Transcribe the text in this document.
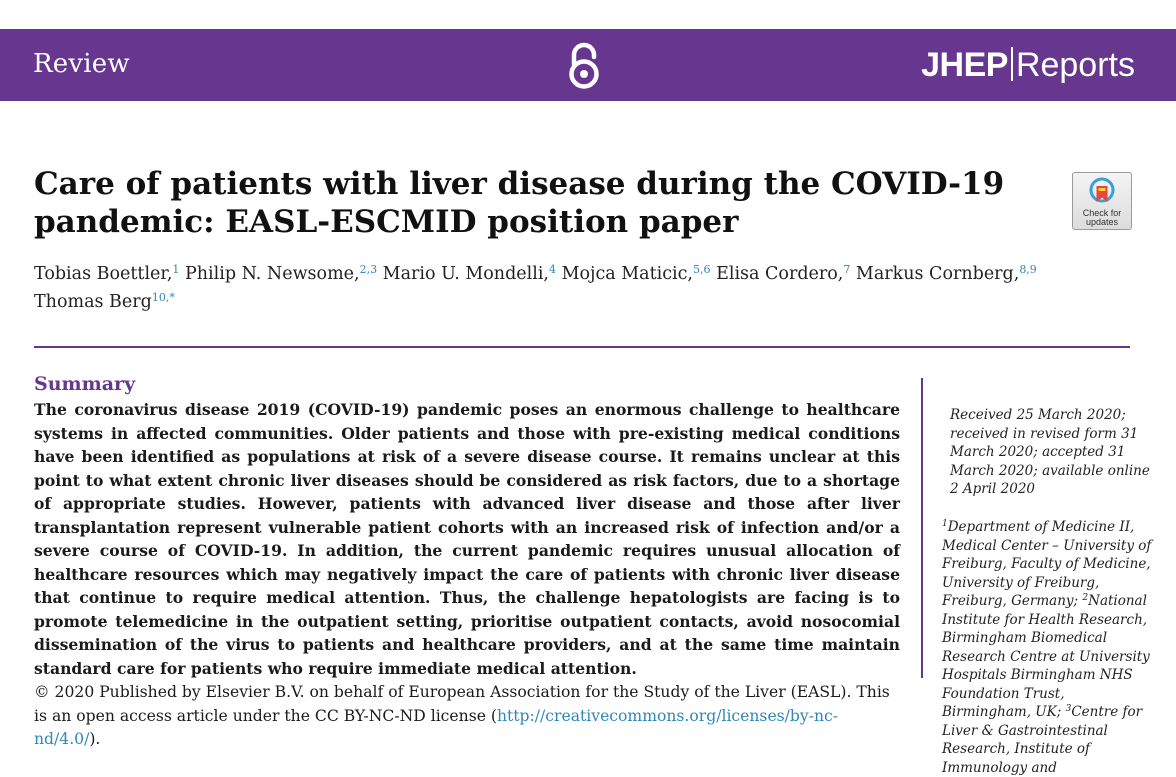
Review	JHEP Reports
Care of patients with liver disease during the COVID-19 pandemic: EASL-ESCMID position paper	Check for
updates
Tobias Boettler,$^1$ Philip N. Newsome,$^{2,3}$ Mario U. Mondelli,$^4$ Mojca Maticic,$^{5,6}$ Elisa Cordero,$^7$ Markus Cornberg,$^{8,9}$
Thomas Berg$^{10,*}$
Summary

The coronavirus disease 2019 (COVID-19) pandemic poses an enormous challenge to healthcare systems in affected communities. Older patients and those with pre-existing medical conditions have been identified as populations at risk of a severe disease course. It remains unclear at this point to what extent chronic liver diseases should be considered as risk factors, due to a shortage of appropriate studies. However, patients with advanced liver disease and those after liver transplantation represent vulnerable patient cohorts with an increased risk of infection and/or a severe course of COVID-19. In addition, the current pandemic requires unusual allocation of healthcare resources which may negatively impact the care of patients with chronic liver disease that continue to require medical attention. Thus, the challenge hepatologists are facing is to promote telemedicine in the outpatient setting, prioritise outpatient contacts, avoid nosocomial dissemination of the virus to patients and healthcare providers, and at the same time maintain standard care for patients who require immediate medical attention.

© 2020 Published by Elsevier B.V. on behalf of European Association for the Study of the Liver (EASL). This is an open access article under the CC BY-NC-ND license (http://creativecommons.org/licenses/by-nc-nd/4.0/).

Received 25 March 2020; received in revised form 31 March 2020; accepted 31 March 2020; available online 2 April 2020

$^1$Department of Medicine II, Medical Center – University of Freiburg, Faculty of Medicine, University of Freiburg, Freiburg, Germany; $^2$National Institute for Health Research, Birmingham Biomedical Research Centre at University Hospitals Birmingham NHS Foundation Trust, Birmingham, UK; $^3$Centre for Liver & Gastrointestinal Research, Institute of Immunology and
